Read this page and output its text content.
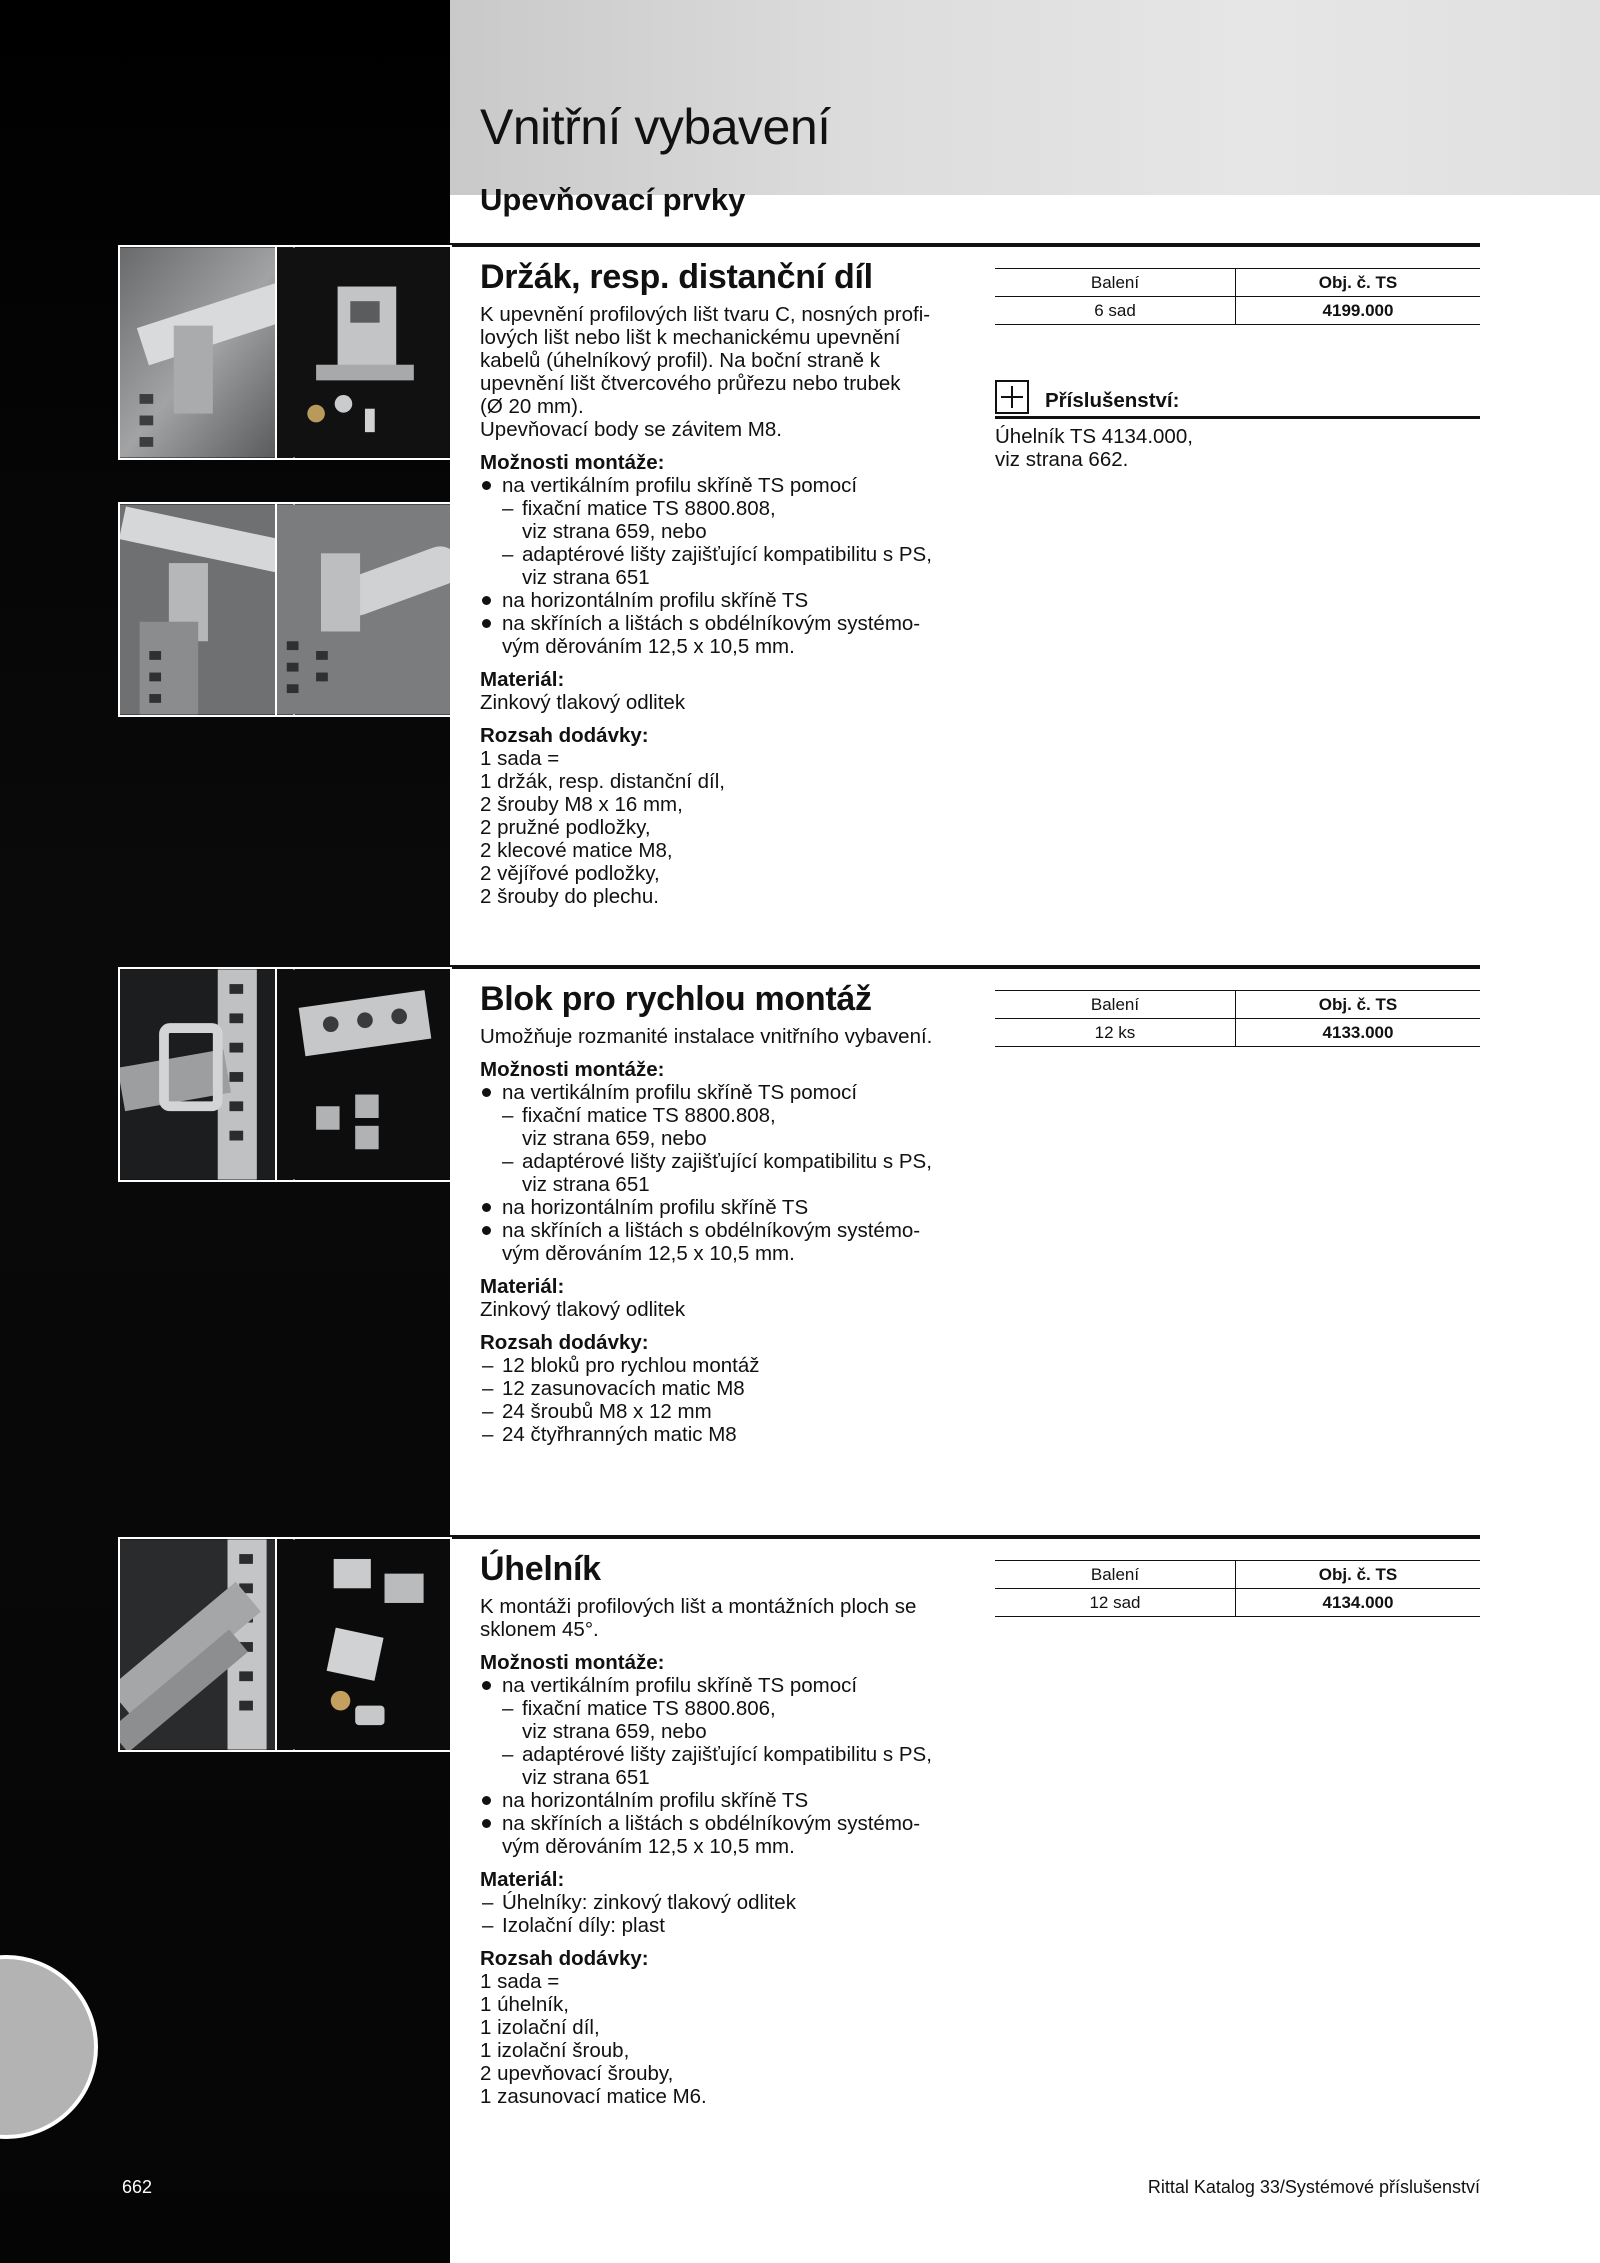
Vnitřní vybavení
Upevňovací prvky
Držák, resp. distanční díl

K upevnění profilových lišt tvaru C, nosných profi-

lových lišt nebo lišt k mechanickému upevnění

kabelů (úhelníkový profil). Na boční straně k

upevnění lišt čtvercového průřezu nebo trubek

(Ø 20 mm).

Upevňovací body se závitem M8.

Možnosti montáže:

na vertikálním profilu skříně TS pomocí
– fixační matice TS 8800.808,
viz strana 659, nebo
– adaptérové lišty zajišťující kompatibilitu s PS,
viz strana 651
na horizontálním profilu skříně TS
na skříních a lištách s obdélníkovým systémo-
vým děrováním 12,5 x 10,5 mm.

Materiál:

Zinkový tlakový odlitek

Rozsah dodávky:

1 sada =

1 držák, resp. distanční díl,

2 šrouby M8 x 16 mm,

2 pružné podložky,

2 klecové matice M8,

2 vějířové podložky,

2 šrouby do plechu.

Balení	Obj. č. TS
6 sad	4199.000
Příslušenství:

Úhelník TS 4134.000,

viz strana 662.

Blok pro rychlou montáž

Umožňuje rozmanité instalace vnitřního vybavení.

Možnosti montáže:

na vertikálním profilu skříně TS pomocí
– fixační matice TS 8800.808,
viz strana 659, nebo
– adaptérové lišty zajišťující kompatibilitu s PS,
viz strana 651
na horizontálním profilu skříně TS
na skříních a lištách s obdélníkovým systémo-
vým děrováním 12,5 x 10,5 mm.

Materiál:

Zinkový tlakový odlitek

Rozsah dodávky:

– 12 bloků pro rychlou montáž
– 12 zasunovacích matic M8
– 24 šroubů M8 x 12 mm
– 24 čtyřhranných matic M8
Balení	Obj. č. TS
12 ks	4133.000
Úhelník

K montáži profilových lišt a montážních ploch se

sklonem 45°.

Možnosti montáže:

na vertikálním profilu skříně TS pomocí
– fixační matice TS 8800.806,
viz strana 659, nebo
– adaptérové lišty zajišťující kompatibilitu s PS,
viz strana 651
na horizontálním profilu skříně TS
na skříních a lištách s obdélníkovým systémo-
vým děrováním 12,5 x 10,5 mm.

Materiál:

– Úhelníky: zinkový tlakový odlitek
– Izolační díly: plast

Rozsah dodávky:

1 sada =

1 úhelník,

1 izolační díl,

1 izolační šroub,

2 upevňovací šrouby,

1 zasunovací matice M6.

Balení	Obj. č. TS
12 sad	4134.000
662	Rittal Katalog 33/Systémové příslušenství
